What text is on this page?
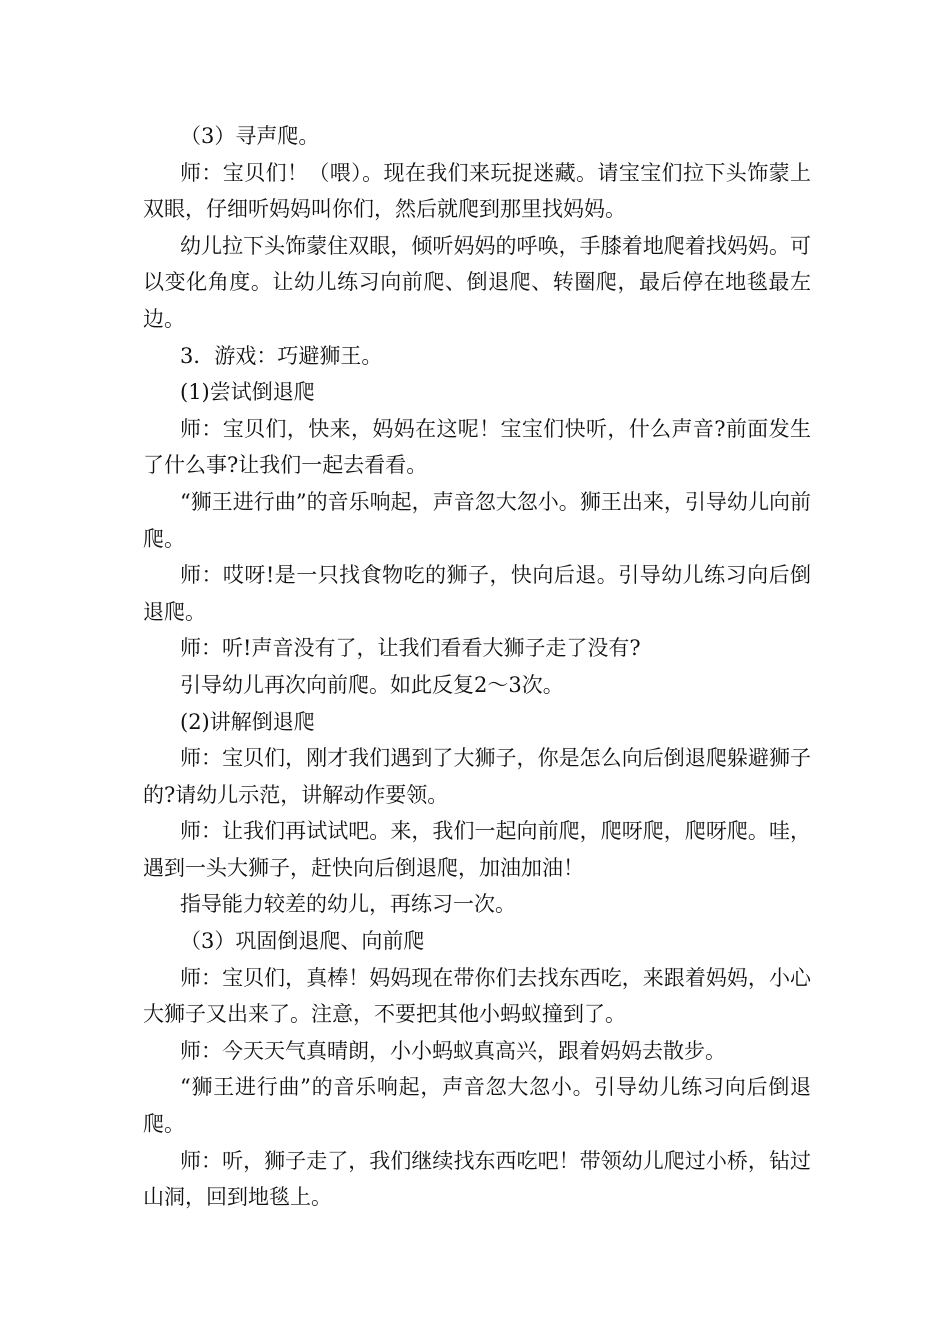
（3）寻声爬。

师：宝贝们！（喂）。现在我们来玩捉迷藏。请宝宝们拉下头饰蒙上双眼，仔细听妈妈叫你们，然后就爬到那里找妈妈。

幼儿拉下头饰蒙住双眼，倾听妈妈的呼唤，手膝着地爬着找妈妈。可以变化角度。让幼儿练习向前爬、倒退爬、转圈爬，最后停在地毯最左边。

3．游戏：巧避狮王。

(1)尝试倒退爬

师：宝贝们，快来，妈妈在这呢！宝宝们快听，什么声音?前面发生了什么事?让我们一起去看看。

“狮王进行曲”的音乐响起，声音忽大忽小。狮王出来，引导幼儿向前爬。

师：哎呀!是一只找食物吃的狮子，快向后退。引导幼儿练习向后倒退爬。

师：听!声音没有了，让我们看看大狮子走了没有?

引导幼儿再次向前爬。如此反复2～3次。

(2)讲解倒退爬

师：宝贝们，刚才我们遇到了大狮子，你是怎么向后倒退爬躲避狮子的?请幼儿示范，讲解动作要领。

师：让我们再试试吧。来，我们一起向前爬，爬呀爬，爬呀爬。哇，遇到一头大狮子，赶快向后倒退爬，加油加油！

指导能力较差的幼儿，再练习一次。

（3）巩固倒退爬、向前爬

师：宝贝们，真棒！妈妈现在带你们去找东西吃，来跟着妈妈，小心大狮子又出来了。注意，不要把其他小蚂蚁撞到了。

师：今天天气真晴朗，小小蚂蚁真高兴，跟着妈妈去散步。

“狮王进行曲”的音乐响起，声音忽大忽小。引导幼儿练习向后倒退爬。

师：听，狮子走了，我们继续找东西吃吧！带领幼儿爬过小桥，钻过山洞，回到地毯上。
